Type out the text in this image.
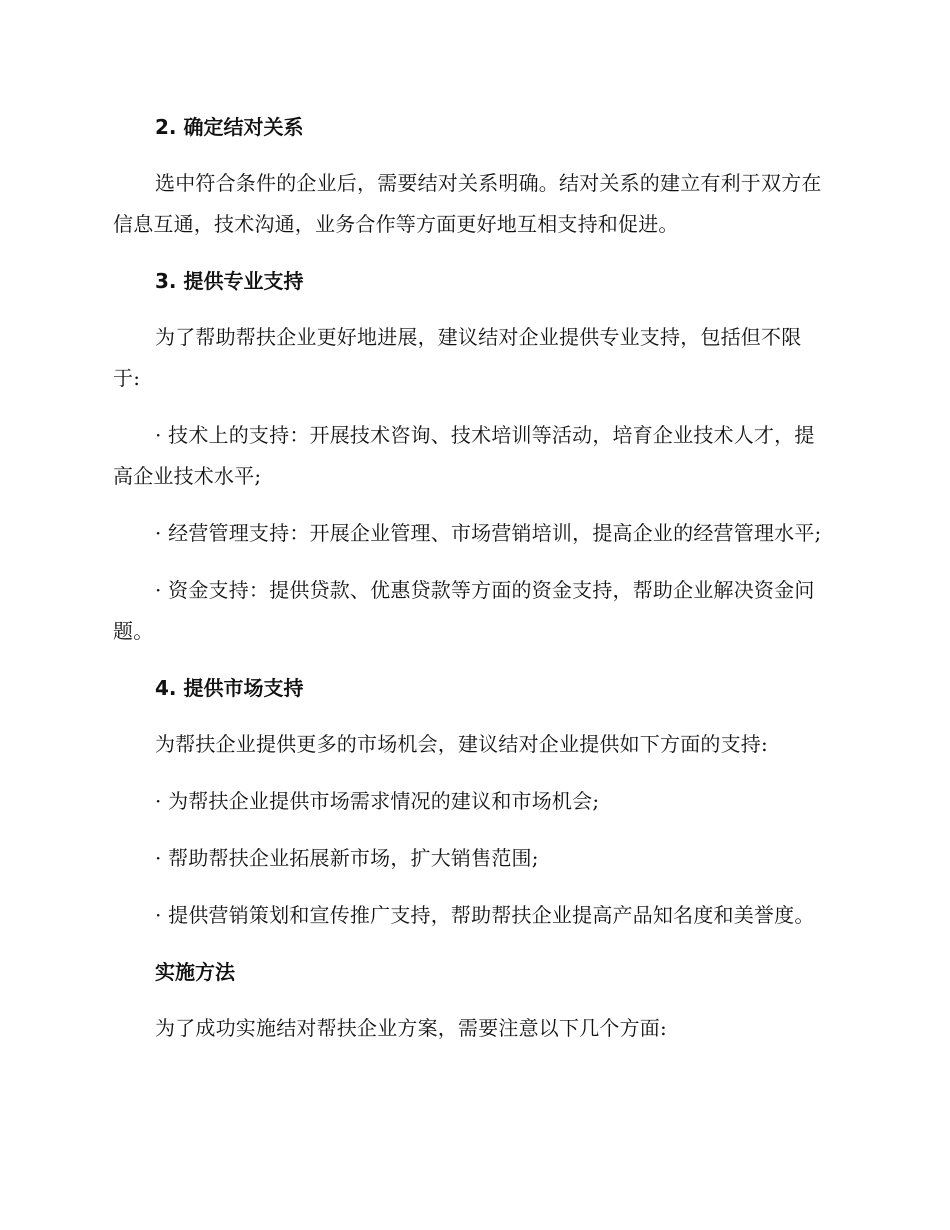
2. 确定结对关系

选中符合条件的企业后，需要结对关系明确。结对关系的建立有利于双方在信息互通，技术沟通，业务合作等方面更好地互相支持和促进。

3. 提供专业支持

为了帮助帮扶企业更好地进展，建议结对企业提供专业支持，包括但不限于:

· 技术上的支持：开展技术咨询、技术培训等活动，培育企业技术人才，提高企业技术水平;

· 经营管理支持：开展企业管理、市场营销培训，提高企业的经营管理水平;

· 资金支持：提供贷款、优惠贷款等方面的资金支持，帮助企业解决资金问题。

4. 提供市场支持

为帮扶企业提供更多的市场机会，建议结对企业提供如下方面的支持:

· 为帮扶企业提供市场需求情况的建议和市场机会;

· 帮助帮扶企业拓展新市场，扩大销售范围;

· 提供营销策划和宣传推广支持，帮助帮扶企业提高产品知名度和美誉度。

实施方法

为了成功实施结对帮扶企业方案，需要注意以下几个方面:
